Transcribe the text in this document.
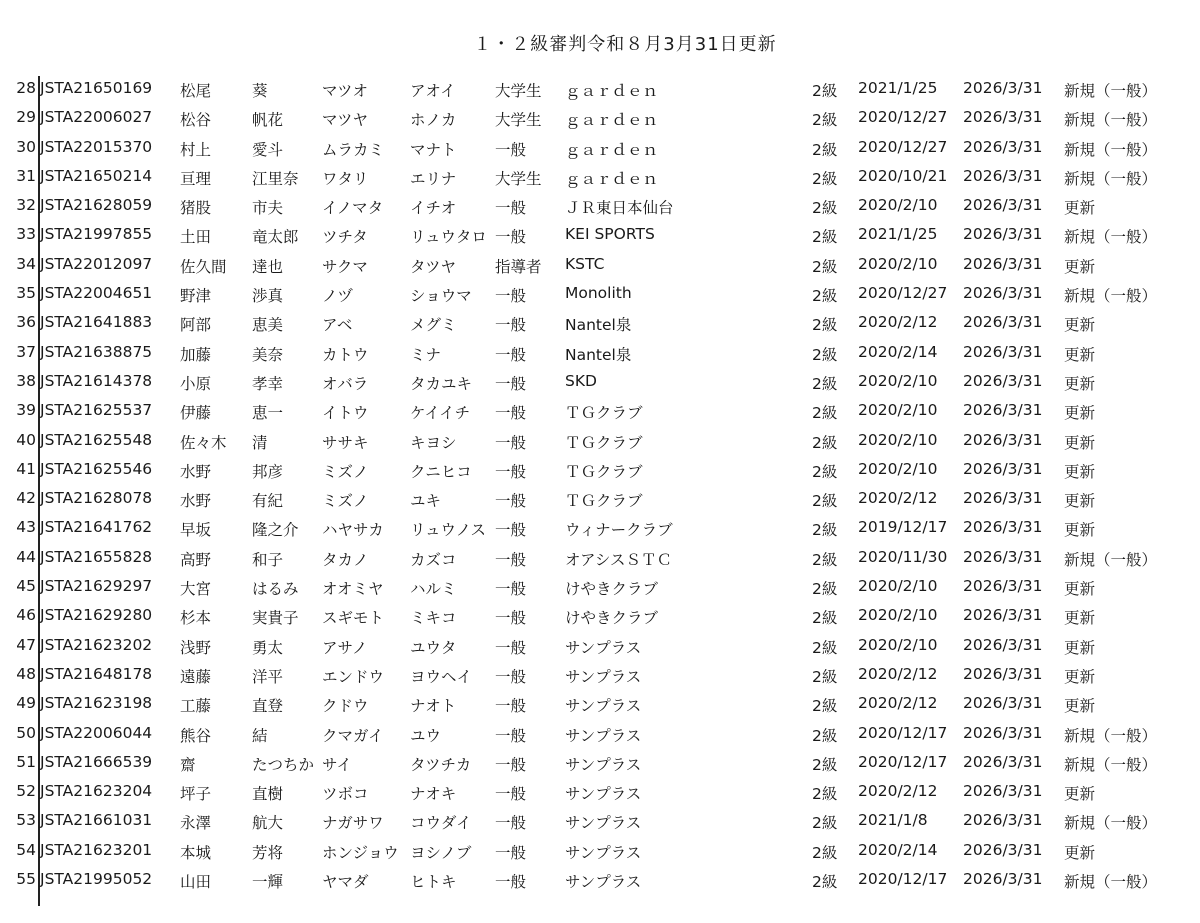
１・２級審判令和８月3月31日更新
28 JSTA21650169 松尾	葵	マツオ	アオイ	大学生 ｇａｒｄｅｎ	2級 2021/1/25 2026/3/31 新規（一般）
29 JSTA22006027 松谷	帆花	マツヤ	ホノカ 大学生 ｇａｒｄｅｎ	2級 2020/12/27 2026/3/31 新規（一般）
30 JSTA22015370 村上	愛斗	ムラカミ マナト 一般	ｇａｒｄｅｎ	2級 2020/12/27 2026/3/31 新規（一般）
31 JSTA21650214 亘理	江里奈 ワタリ	エリナ	大学生 ｇａｒｄｅｎ	2級 2020/10/21 2026/3/31 新規（一般）
32 JSTA21628059 猪股	市夫	イノマタ イチオ	一般	ＪＲ東日本仙台	2級 2020/2/10 2026/3/31 更新
33 JSTA21997855 土田	竜太郎 ツチタ	リュウタロ 一般	KEI SPORTS	2級 2021/1/25 2026/3/31 新規（一般）
34 JSTA22012097 佐久間 達也	サクマ	タツヤ	指導者 KSTC	2級 2020/2/10 2026/3/31 更新
35 JSTA22004651 野津	渉真	ノヅ	ショウマ 一般	Monolith	2級 2020/12/27 2026/3/31 新規（一般）
36 JSTA21641883 阿部	恵美	アベ	メグミ 一般	Nantel泉	2級 2020/2/12 2026/3/31 更新
37 JSTA21638875 加藤	美奈	カトウ	ミナ	一般	Nantel泉	2級 2020/2/14 2026/3/31 更新
38 JSTA21614378 小原	孝幸	オバラ	タカユキ 一般	SKD	2級 2020/2/10 2026/3/31 更新
39 JSTA21625537 伊藤	恵一	イトウ	ケイイチ 一般	ＴＧクラブ	2級 2020/2/10 2026/3/31 更新
40 JSTA21625548 佐々木 清	ササキ	キヨシ 一般	ＴＧクラブ	2級 2020/2/10 2026/3/31 更新
41 JSTA21625546 水野	邦彦	ミズノ	クニヒコ 一般	ＴＧクラブ	2級 2020/2/10 2026/3/31 更新
42 JSTA21628078 水野	有紀	ミズノ	ユキ	一般	ＴＧクラブ	2級 2020/2/12 2026/3/31 更新
43 JSTA21641762 早坂	隆之介 ハヤサカ リュウノス 一般	ウィナークラブ	2級 2019/12/17 2026/3/31 更新
44 JSTA21655828 高野	和子	タカノ	カズコ 一般	オアシスＳＴＣ	2級 2020/11/30 2026/3/31 新規（一般）
45 JSTA21629297 大宮	はるみ オオミヤ ハルミ 一般	けやきクラブ	2級 2020/2/10 2026/3/31 更新
46 JSTA21629280 杉本	実貴子 スギモト ミキコ 一般	けやきクラブ	2級 2020/2/10 2026/3/31 更新
47 JSTA21623202 浅野	勇太	アサノ	ユウタ 一般	サンプラス	2級 2020/2/10 2026/3/31 更新
48 JSTA21648178 遠藤	洋平	エンドウ ヨウヘイ 一般	サンプラス	2級 2020/2/12 2026/3/31 更新
49 JSTA21623198 工藤	直登	クドウ	ナオト	一般	サンプラス	2級 2020/2/12 2026/3/31 更新
50 JSTA22006044 熊谷	結	クマガイ ユウ	一般	サンプラス	2級 2020/12/17 2026/3/31 新規（一般）
51 JSTA21666539 齋	たつちか サイ	タツチカ 一般	サンプラス	2級 2020/12/17 2026/3/31 新規（一般）
52 JSTA21623204 坪子	直樹	ツボコ	ナオキ	一般	サンプラス	2級 2020/2/12 2026/3/31 更新
53 JSTA21661031 永澤	航大	ナガサワ コウダイ 一般	サンプラス	2級 2021/1/8 2026/3/31 新規（一般）
54 JSTA21623201 本城	芳将	ホンジョウ ヨシノブ 一般	サンプラス	2級 2020/2/14 2026/3/31 更新
55 JSTA21995052 山田	一輝	ヤマダ	ヒトキ 一般	サンプラス	2級 2020/12/17 2026/3/31 新規（一般）
